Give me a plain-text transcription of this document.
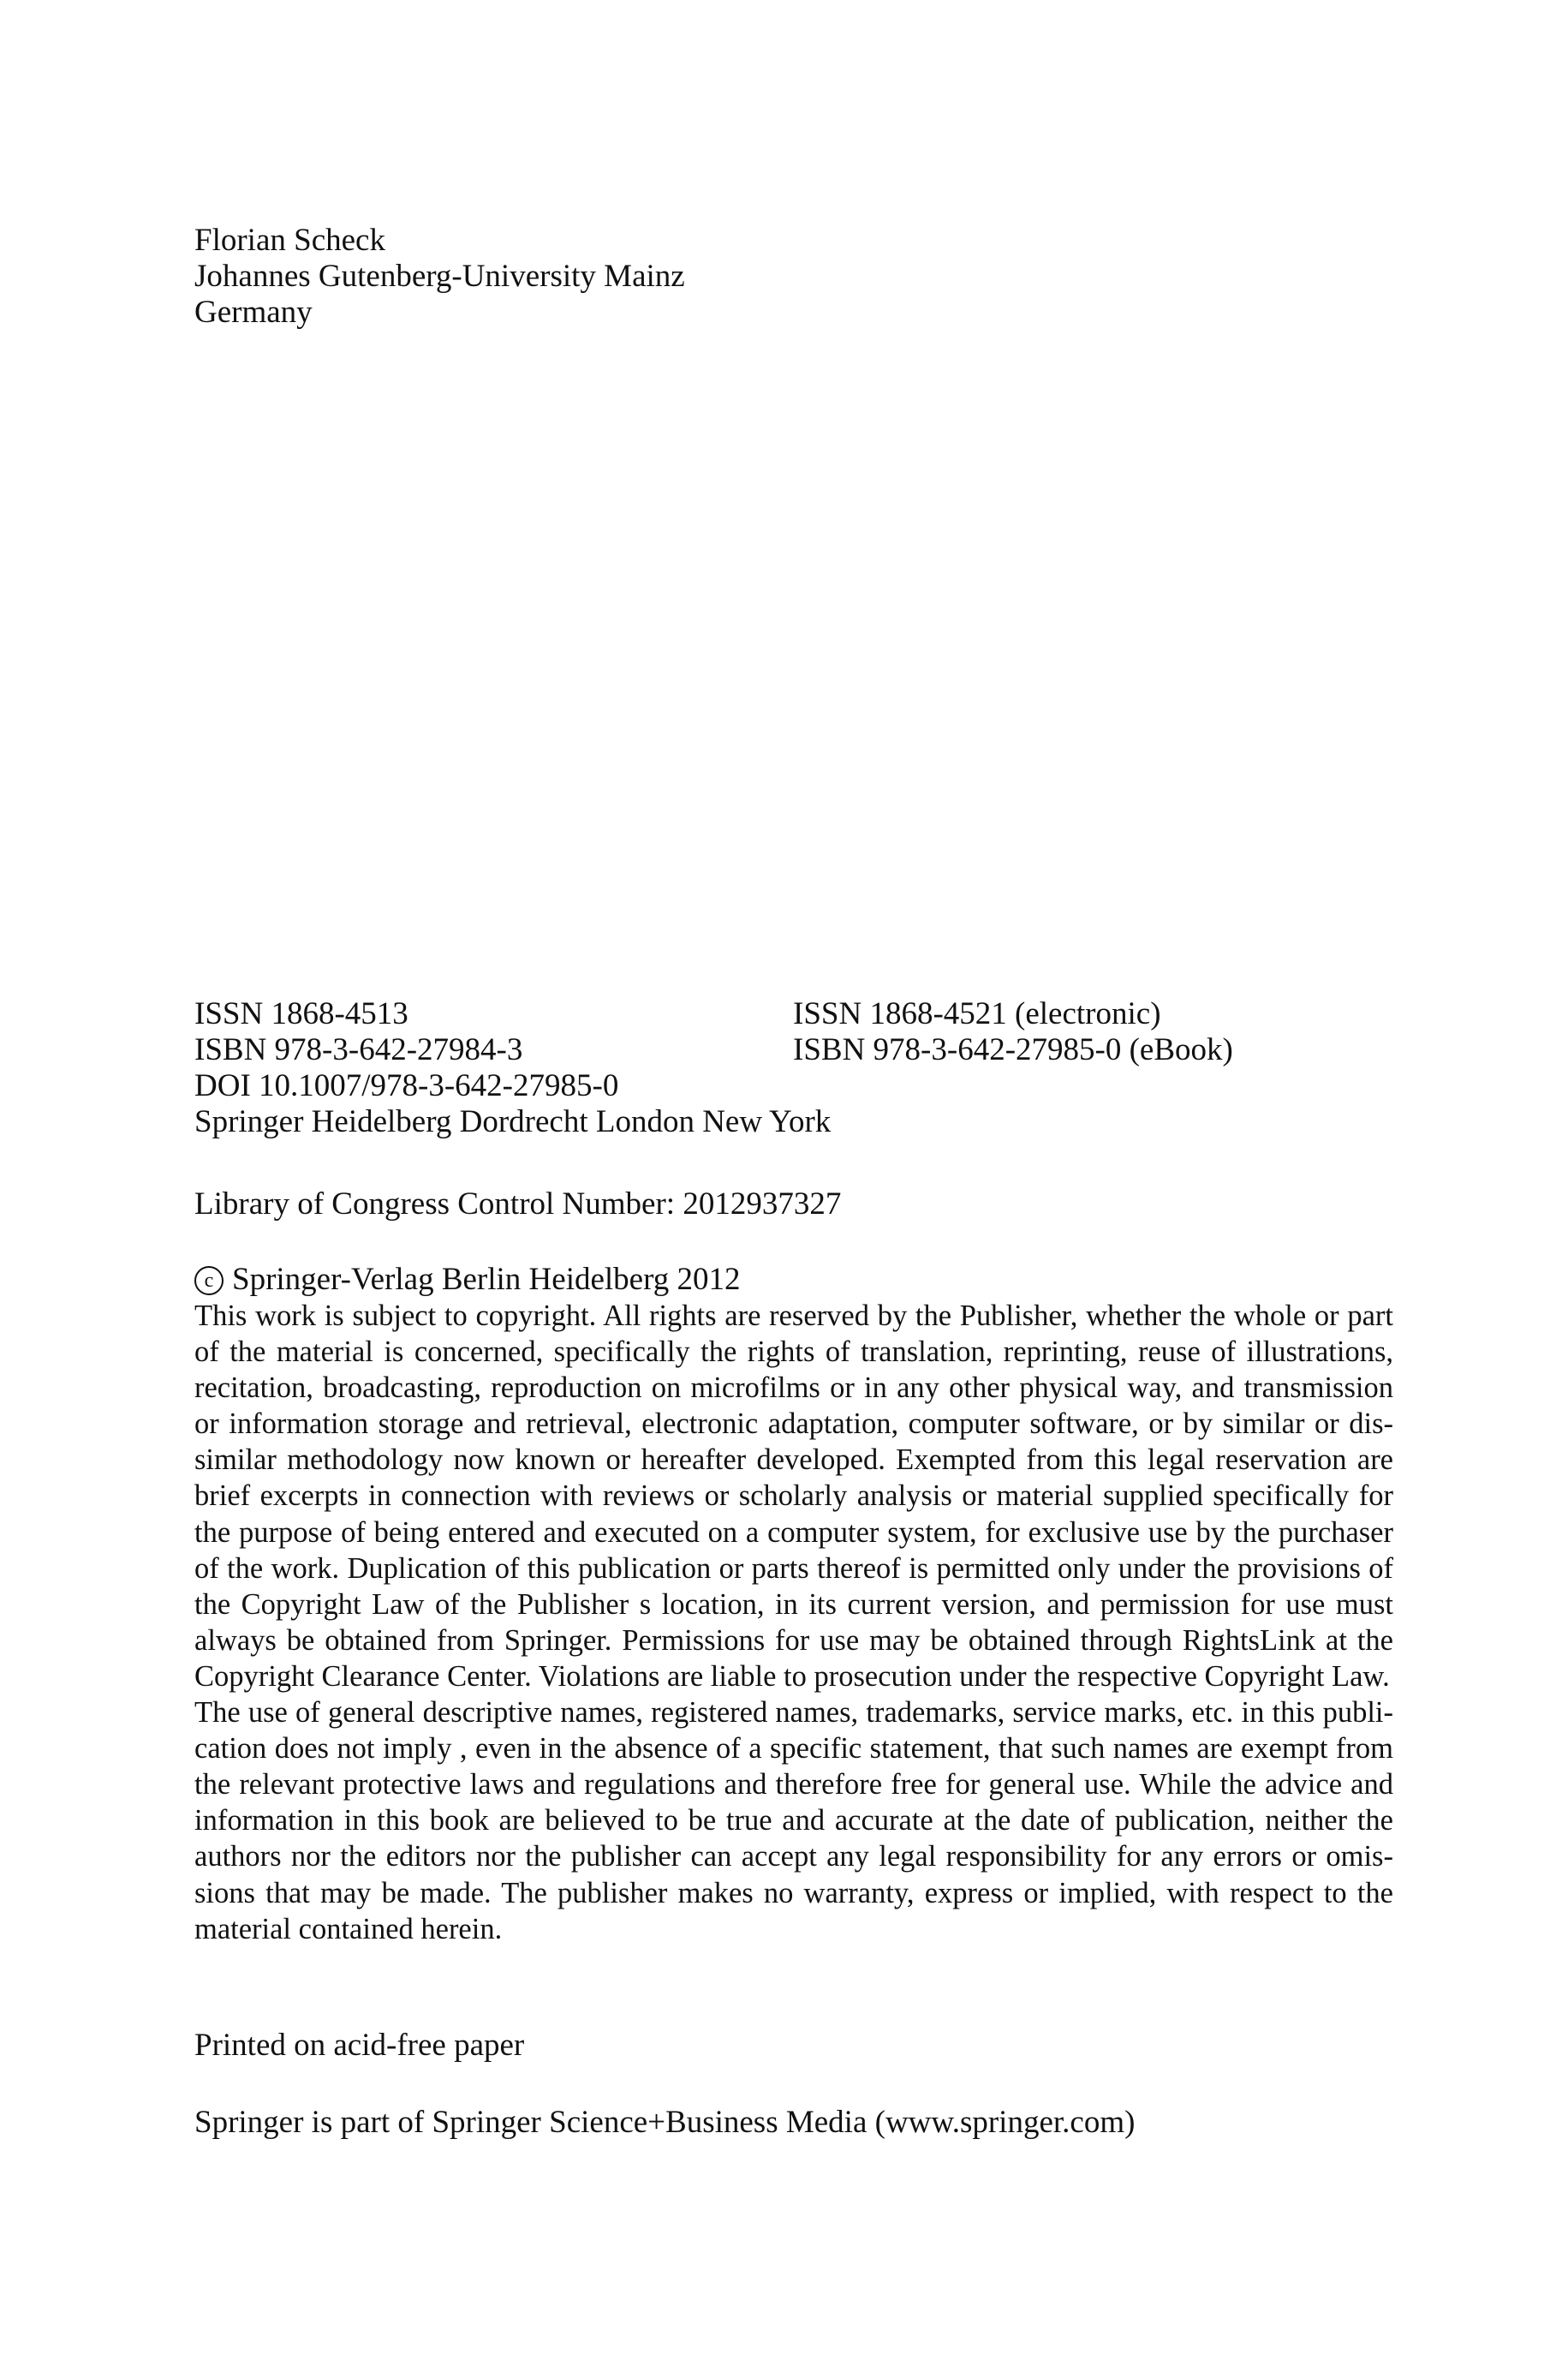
Florian Scheck
Johannes Gutenberg-University Mainz
Germany
ISSN 1868-4513	ISSN 1868-4521 (electronic)
ISBN 978-3-642-27984-3	ISBN 978-3-642-27985-0 (eBook)
DOI 10.1007/978-3-642-27985-0
Springer Heidelberg Dordrecht London New York
Library of Congress Control Number: 2012937327
c Springer-Verlag Berlin Heidelberg 2012

This work is subject to copyright. All rights are reserved by the Publisher, whether the whole or part of the material is concerned, specifically the rights of translation, reprinting, reuse of illustrations, recitation, broadcasting, reproduction on microfilms or in any other physical way, and transmission or information storage and retrieval, electronic adaptation, computer software, or by similar or dissimilar methodology now known or hereafter developed. Exempted from this legal reservation are brief excerpts in connection with reviews or scholarly analysis or material supplied specifically for the purpose of being entered and executed on a computer system, for exclusive use by the purchaser of the work. Duplication of this publication or parts thereof is permitted only under the provisions of the Copyright Law of the Publisher s location, in its current version, and permission for use must always be obtained from Springer. Permissions for use may be obtained through RightsLink at the Copyright Clearance Center. Violations are liable to prosecution under the respective Copyright Law.

The use of general descriptive names, registered names, trademarks, service marks, etc. in this publication does not imply , even in the absence of a specific statement, that such names are exempt from the relevant protective laws and regulations and therefore free for general use. While the advice and information in this book are believed to be true and accurate at the date of publication, neither the authors nor the editors nor the publisher can accept any legal responsibility for any errors or omissions that may be made. The publisher makes no warranty, express or implied, with respect to the material contained herein.

Printed on acid-free paper
Springer is part of Springer Science+Business Media (www.springer.com)
